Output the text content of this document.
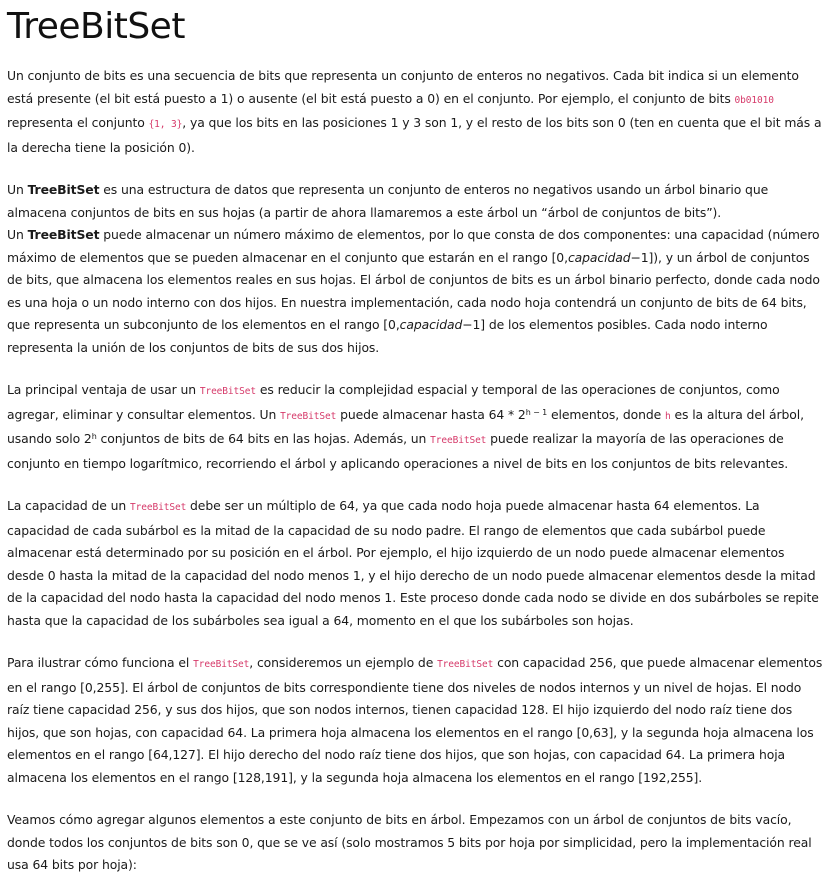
TreeBitSet

Un conjunto de bits es una secuencia de bits que representa un conjunto de enteros no negativos. Cada bit indica si un elemento está presente (el bit está puesto a 1) o ausente (el bit está puesto a 0) en el conjunto. Por ejemplo, el conjunto de bits 0b01010 representa el conjunto {1, 3}, ya que los bits en las posiciones 1 y 3 son 1, y el resto de los bits son 0 (ten en cuenta que el bit más a la derecha tiene la posición 0).

Un TreeBitSet es una estructura de datos que representa un conjunto de enteros no negativos usando un árbol binario que almacena conjuntos de bits en sus hojas (a partir de ahora llamaremos a este árbol un “árbol de conjuntos de bits”).
Un TreeBitSet puede almacenar un número máximo de elementos, por lo que consta de dos componentes: una capacidad (número máximo de elementos que se pueden almacenar en el conjunto que estarán en el rango [0,capacidad−1]), y un árbol de conjuntos de bits, que almacena los elementos reales en sus hojas. El árbol de conjuntos de bits es un árbol binario perfecto, donde cada nodo es una hoja o un nodo interno con dos hijos. En nuestra implementación, cada nodo hoja contendrá un conjunto de bits de 64 bits, que representa un subconjunto de los elementos en el rango [0,capacidad−1] de los elementos posibles. Cada nodo interno representa la unión de los conjuntos de bits de sus dos hijos.

La principal ventaja de usar un TreeBitSet es reducir la complejidad espacial y temporal de las operaciones de conjuntos, como agregar, eliminar y consultar elementos. Un TreeBitSet puede almacenar hasta $64 * 2^{h - 1}$ elementos, donde h es la altura del árbol, usando solo 2$^h$ conjuntos de bits de 64 bits en las hojas. Además, un TreeBitSet puede realizar la mayoría de las operaciones de conjunto en tiempo logarítmico, recorriendo el árbol y aplicando operaciones a nivel de bits en los conjuntos de bits relevantes.

La capacidad de un TreeBitSet debe ser un múltiplo de 64, ya que cada nodo hoja puede almacenar hasta 64 elementos. La capacidad de cada subárbol es la mitad de la capacidad de su nodo padre. El rango de elementos que cada subárbol puede almacenar está determinado por su posición en el árbol. Por ejemplo, el hijo izquierdo de un nodo puede almacenar elementos desde 0 hasta la mitad de la capacidad del nodo menos 1, y el hijo derecho de un nodo puede almacenar elementos desde la mitad de la capacidad del nodo hasta la capacidad del nodo menos 1. Este proceso donde cada nodo se divide en dos subárboles se repite hasta que la capacidad de los subárboles sea igual a 64, momento en el que los subárboles son hojas.

Para ilustrar cómo funciona el TreeBitSet, consideremos un ejemplo de TreeBitSet con capacidad 256, que puede almacenar elementos en el rango [0,255]. El árbol de conjuntos de bits correspondiente tiene dos niveles de nodos internos y un nivel de hojas. El nodo raíz tiene capacidad 256, y sus dos hijos, que son nodos internos, tienen capacidad 128. El hijo izquierdo del nodo raíz tiene dos hijos, que son hojas, con capacidad 64. La primera hoja almacena los elementos en el rango [0,63], y la segunda hoja almacena los elementos en el rango [64,127]. El hijo derecho del nodo raíz tiene dos hijos, que son hojas, con capacidad 64. La primera hoja almacena los elementos en el rango [128,191], y la segunda hoja almacena los elementos en el rango [192,255].

Veamos cómo agregar algunos elementos a este conjunto de bits en árbol. Empezamos con un árbol de conjuntos de bits vacío, donde todos los conjuntos de bits son 0, que se ve así (solo mostramos 5 bits por hoja por simplicidad, pero la implementación real usa 64 bits por hoja):
